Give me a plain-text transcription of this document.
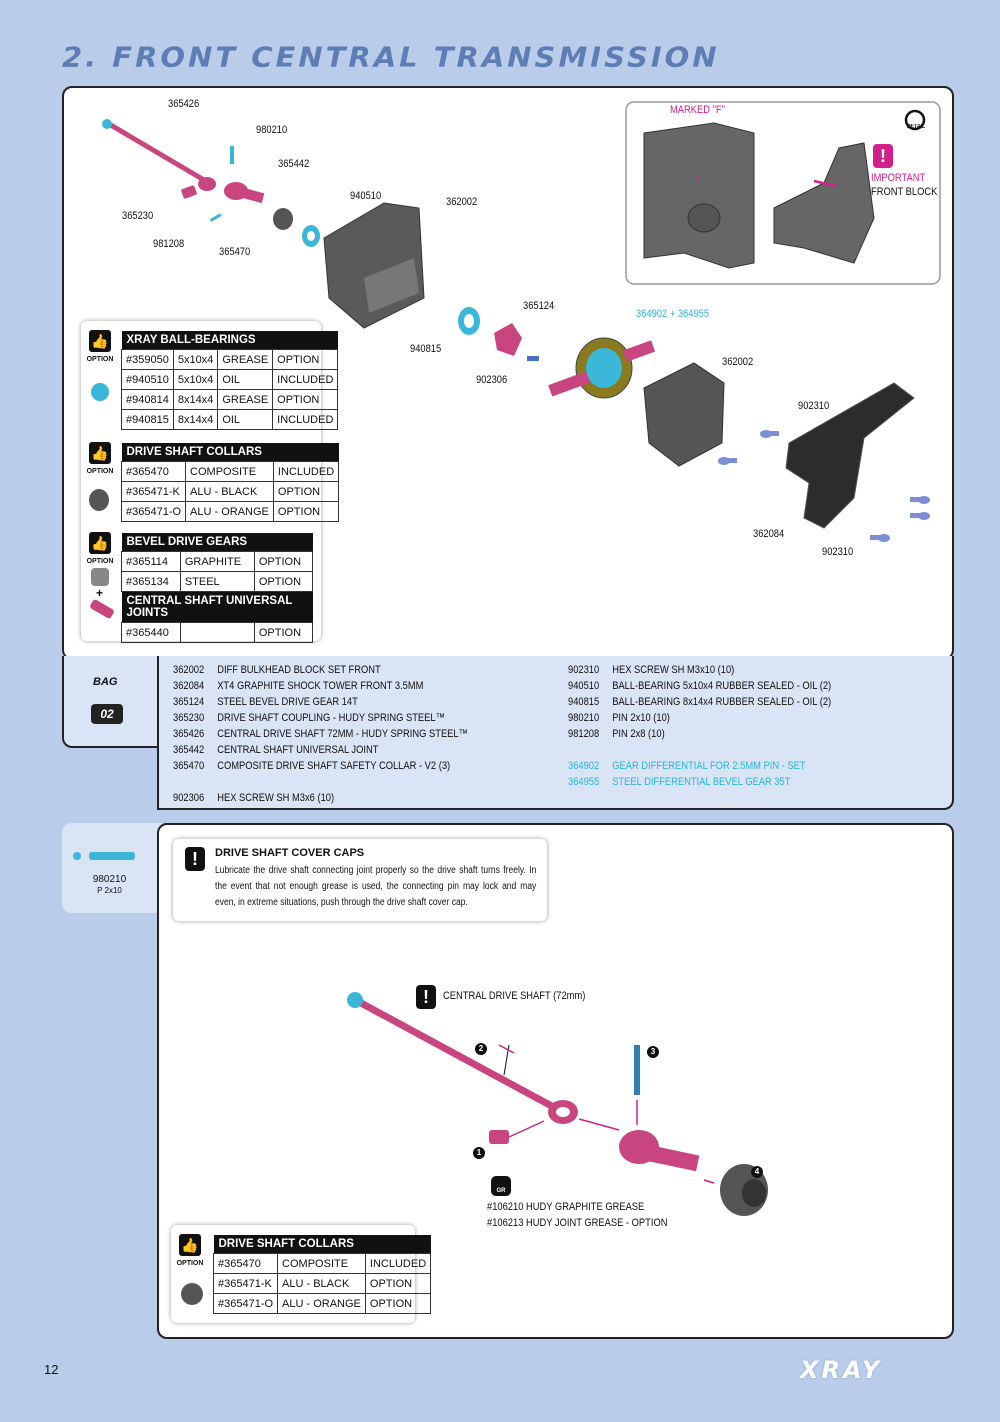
2. FRONT CENTRAL TRANSMISSION
365426
980210
365442
365230
940510	362002
981208
365470
940815
365124
364902 + 364955
362002
902306
902310
362084
902310
MARKED "F"
F
DETAIL
!
IMPORTANT
FRONT BLOCK
👍
OPTION
XRAY BALL-BEARINGS			
#359050	5x10x4	GREASE	OPTION
#940510	5x10x4	OIL	INCLUDED
#940814	8x14x4	GREASE	OPTION
#940815	8x14x4	OIL	INCLUDED
👍
OPTION
DRIVE SHAFT COLLARS		
#365470	COMPOSITE	INCLUDED
#365471-K	ALU - BLACK	OPTION
#365471-O	ALU - ORANGE	OPTION
👍
OPTION
+
BEVEL DRIVE GEARS		
#365114	GRAPHITE	OPTION
#365134	STEEL	OPTION
CENTRAL SHAFT UNIVERSAL JOINTS		
#365440		OPTION
BAG
02
362002 DIFF BULKHEAD BLOCK SET FRONT
362084 XT4 GRAPHITE SHOCK TOWER FRONT 3.5MM
365124 STEEL BEVEL DRIVE GEAR 14T
365230 DRIVE SHAFT COUPLING - HUDY SPRING STEEL™
365426 CENTRAL DRIVE SHAFT 72MM - HUDY SPRING STEEL™
365442 CENTRAL SHAFT UNIVERSAL JOINT
365470 COMPOSITE DRIVE SHAFT SAFETY COLLAR - V2 (3)
902306 HEX SCREW SH M3x6 (10)
902310 HEX SCREW SH M3x10 (10)
940510 BALL-BEARING 5x10x4 RUBBER SEALED - OIL (2)
940815 BALL-BEARING 8x14x4 RUBBER SEALED - OIL (2)
980210 PIN 2x10 (10)
981208 PIN 2x8 (10)
364902 GEAR DIFFERENTIAL FOR 2.5MM PIN - SET
364955 STEEL DIFFERENTIAL BEVEL GEAR 35T
980210
P 2x10
!	DRIVE SHAFT COVER CAPS
Lubricate the drive shaft connecting joint properly so the drive shaft turns freely. In the event that not enough grease is used, the connecting pin may lock and may even, in extreme situations, push through the drive shaft cover cap.
!	CENTRAL DRIVE SHAFT (72mm)
1
2	3
4
GR
#106210 HUDY GRAPHITE GREASE
#106213 HUDY JOINT GREASE - OPTION
👍
OPTION
DRIVE SHAFT COLLARS		
#365470	COMPOSITE	INCLUDED
#365471-K	ALU - BLACK	OPTION
#365471-O	ALU - ORANGE	OPTION
12	XRAY
